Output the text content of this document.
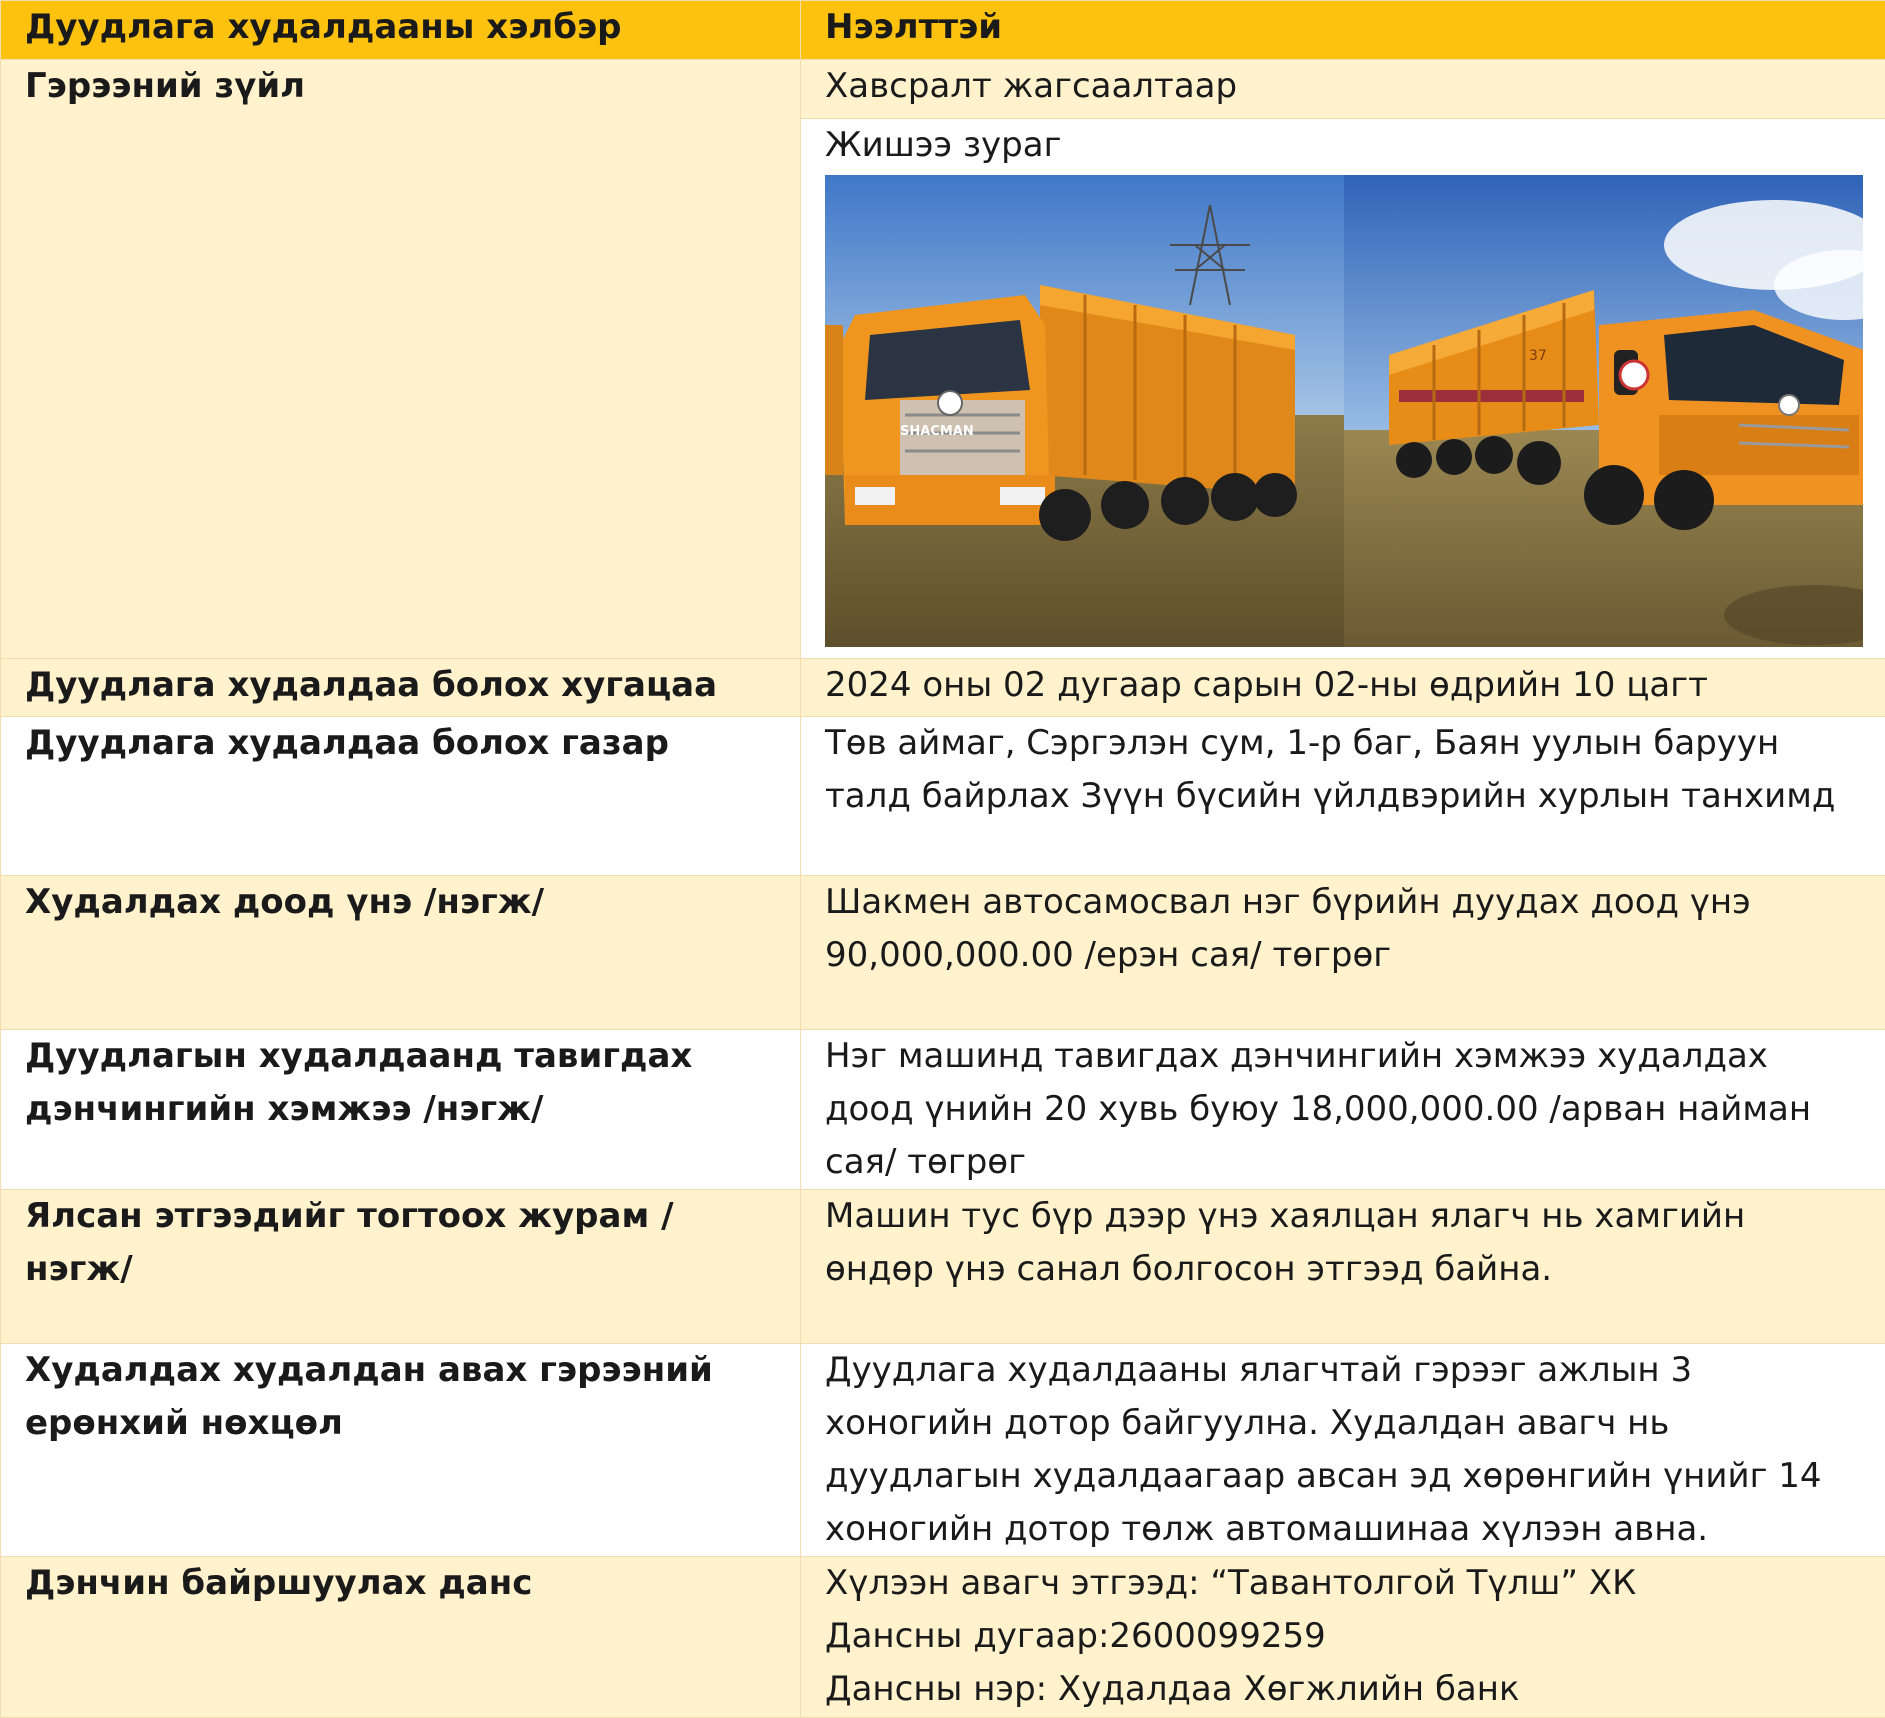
Дуудлага худалдааны хэлбэр	Нээлттэй
Гэрээний зүйл	Хавсралт жагсаалтаар

	Жишээ зураг
SHACMAN
37

Дуудлага худалдаа болох хугацаа	2024 оны 02 дугаар сарын 02-ны өдрийн 10 цагт
Дуудлага худалдаа болох газар	Төв аймаг, Сэргэлэн сум, 1-р баг, Баян уулын баруун талд байрлах Зүүн бүсийн үйлдвэрийн хурлын танхимд
Худалдах доод үнэ /нэгж/	Шакмен автосамосвал нэг бүрийн дуудах доод үнэ 90,000,000.00 /ерэн сая/ төгрөг
Дуудлагын худалдаанд тавигдах дэнчингийн хэмжээ /нэгж/	Нэг машинд тавигдах дэнчингийн хэмжээ худалдах доод үнийн 20 хувь буюу 18,000,000.00 /арван найман сая/ төгрөг
Ялсан этгээдийг тогтоох журам /нэгж/	Машин тус бүр дээр үнэ хаялцан ялагч нь хамгийн өндөр үнэ санал болгосон этгээд байна.
Худалдах худалдан авах гэрээний ерөнхий нөхцөл	Дуудлага худалдааны ялагчтай гэрээг ажлын 3 хоногийн дотор байгуулна. Худалдан авагч нь дуудлагын худалдаагаар авсан эд хөрөнгийн үнийг 14 хоногийн дотор төлж автомашинаа хүлээн авна.
Дэнчин байршуулах данс	Хүлээн авагч этгээд: “Тавантолгой Түлш” ХК
Дансны дугаар:2600099259
Дансны нэр: Худалдаа Хөгжлийн банк
